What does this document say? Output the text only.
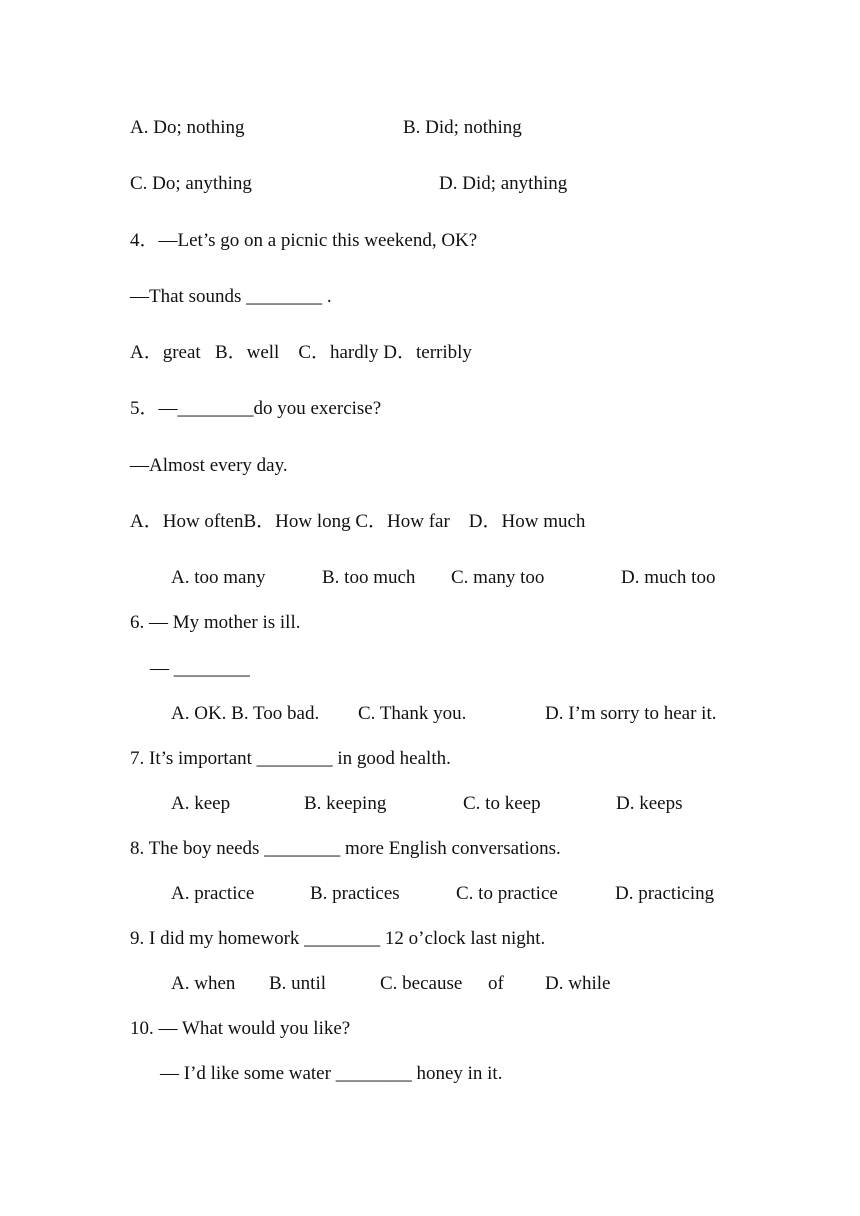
A. Do; nothing	B. Did; nothing
C. Do; anything	D. Did; anything
4．—Let’s go on a picnic this weekend, OK?
—That sounds ________ .
A．great   B．well    C．hardly D．terribly
5．—________do you exercise?
—Almost every day.
A．How oftenB．How long C．How far    D．How much
A. too many	B. too much C. many too	D. much too
6. — My mother is ill.
— ________
A. OK. B. Too bad. C. Thank you.	D. I’m sorry to hear it.
7. It’s important ________ in good health.
A. keep	B. keeping	C. to keep	D. keeps
8. The boy needs ________ more English conversations.
A. practice	B. practices	C. to practice	D. practicing
9. I did my homework ________ 12 o’clock last night.
A. when B. until	C. because of D. while
10. — What would you like?
— I’d like some water ________ honey in it.
